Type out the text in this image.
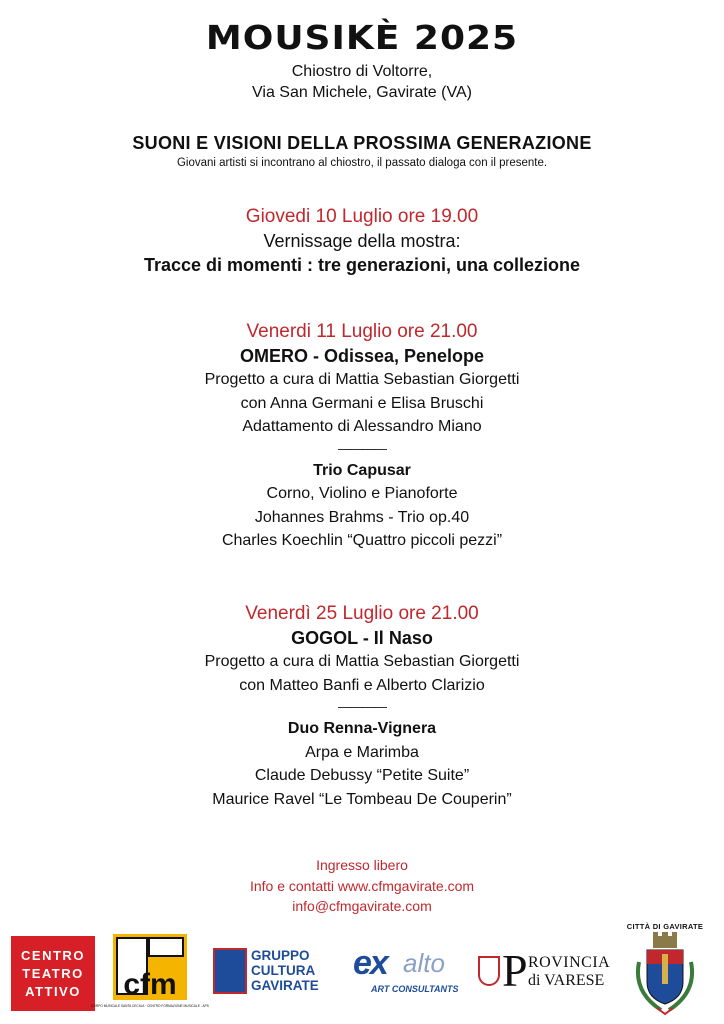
MOUSIKÈ 2025
Chiostro di Voltorre,
Via San Michele, Gavirate (VA)
SUONI E VISIONI DELLA PROSSIMA GENERAZIONE
Giovani artisti si incontrano al chiostro, il passato dialoga con il presente.
Giovedi 10 Luglio ore 19.00
Vernissage della mostra:
Tracce di momenti : tre generazioni, una collezione
Venerdi 11 Luglio ore 21.00
OMERO - Odissea, Penelope
Progetto a cura di Mattia Sebastian Giorgetti
con Anna Germani e Elisa Bruschi
Adattamento di Alessandro Miano
————
Trio Capusar
Corno, Violino e Pianoforte
Johannes Brahms - Trio op.40
Charles Koechlin “Quattro piccoli pezzi”
Venerdì 25 Luglio ore 21.00
GOGOL - Il Naso
Progetto a cura di Mattia Sebastian Giorgetti
con Matteo Banfi e Alberto Clarizio
————
Duo Renna-Vignera
Arpa e Marimba
Claude Debussy “Petite Suite”
Maurice Ravel “Le Tombeau De Couperin”
Ingresso libero
Info e contatti www.cfmgavirate.com
info@cfmgavirate.com
CENTRO
TEATRO
ATTIVO cfm
CORPO MUSICALE SANTA CECILIA · CENTRO FORMAZIONE MUSICALE - APS
GRUPPO
CULTURA
GAVIRATE
ex alto
ART CONSULTANTS P ROVINCIA
di VARESE
CITTÀ DI GAVIRATE
